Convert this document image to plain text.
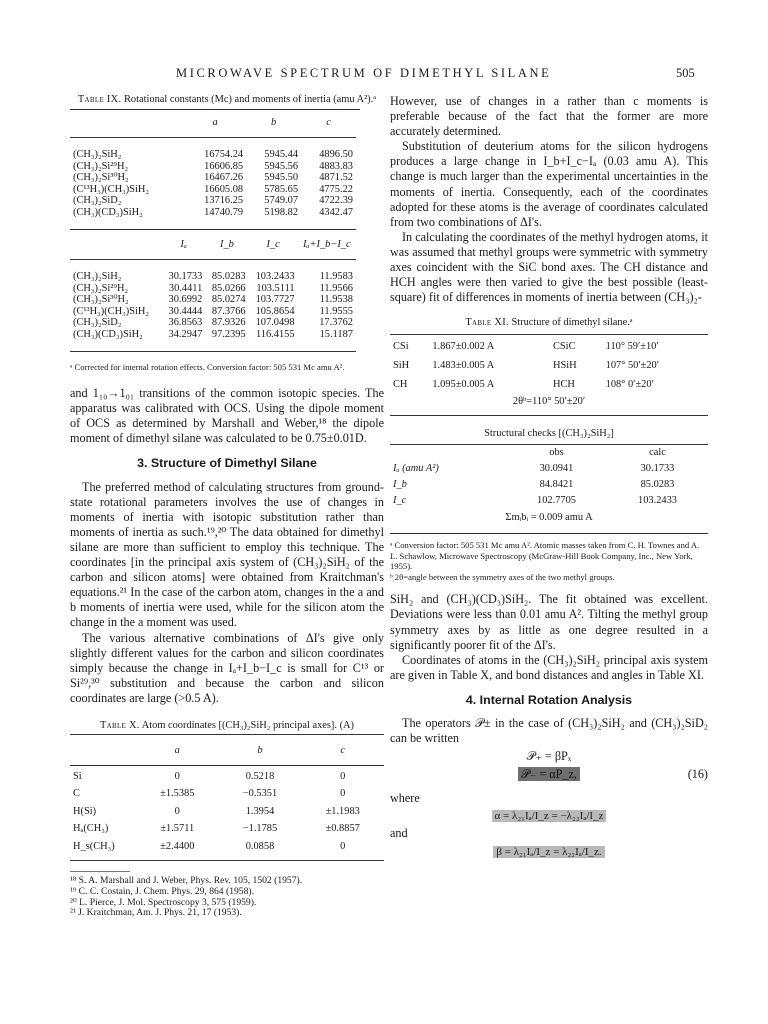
MICROWAVE SPECTRUM OF DIMETHYL SILANE	505
Table IX. Rotational constants (Mc) and moments of inertia (amu A²).ᵃ
	a	b	c

(CH₃)₂SiH₂	16754.24	5945.44	4896.50
(CH₃)₂Si²⁹H₂	16606.85	5945.56	4883.83
(CH₃)₂Si³⁰H₂	16467.26	5945.50	4871.52
(C¹³H₃)(CH₃)SiH₂	16605.08	5785.65	4775.22
(CH₃)₂SiD₂	13716.25	5749.07	4722.39
(CH₃)(CD₃)SiH₂	14740.79	5198.82	4342.47

	Iₐ	I_b	I_c	Iₐ+I_b−I_c

(CH₃)₂SiH₂	30.1733	85.0283	103.2433	11.9583
(CH₃)₂Si²⁹H₂	30.4411	85.0266	103.5111	11.9566
(CH₃)₂Si³⁰H₂	30.6992	85.0274	103.7727	11.9538
(C¹³H₃)(CH₃)SiH₂	30.4444	87.3766	105.8654	11.9555
(CH₃)₂SiD₂	36.8563	87.9326	107.0498	17.3762
(CH₃)(CD₃)SiH₂	34.2947	97.2395	116.4155	15.1187

ᵃ Corrected for internal rotation effects. Conversion factor: 505 531 Mc amu A².

and 1₁₀→1₀₁ transitions of the common isotopic species. The apparatus was calibrated with OCS. Using the dipole moment of OCS as determined by Marshall and Weber,¹⁸ the dipole moment of dimethyl silane was calculated to be 0.75±0.01D.

3. Structure of Dimethyl Silane

The preferred method of calculating structures from ground-state rotational parameters involves the use of changes in moments of inertia with isotopic substitution rather than moments of inertia as such.¹⁹,²⁰ The data obtained for dimethyl silane are more than sufficient to employ this technique. The coordinates [in the principal axis system of (CH₃)₂SiH₂ of the carbon and silicon atoms] were obtained from Kraitchman's equations.²¹ In the case of the carbon atom, changes in the a and b moments of inertia were used, while for the silicon atom the change in the a moment was used.

The various alternative combinations of ΔI's give only slightly different values for the carbon and silicon coordinates simply because the change in Iₐ+I_b−I_c is small for C¹³ or Si²⁹,³⁰ substitution and because the carbon and silicon coordinates are large (>0.5 A).

Table X. Atom coordinates [(CH₃)₂SiH₂ principal axes]. (A)
	a	b	c

Si	0	0.5218	0
C	±1.5385	−0.5351	0
H(Si)	0	1.3954	±1.1983
Hₐ(CH₃)	±1.5711	−1.1785	±0.8857
H_s(CH₃)	±2.4400	0.0858	0

¹⁸ S. A. Marshall and J. Weber, Phys. Rev. 105, 1502 (1957).
¹⁹ C. C. Costain, J. Chem. Phys. 29, 864 (1958).
²⁰ L. Pierce, J. Mol. Spectroscopy 3, 575 (1959).
²¹ J. Kraitchman, Am. J. Phys. 21, 17 (1953).

However, use of changes in a rather than c moments is preferable because of the fact that the former are more accurately determined.

Substitution of deuterium atoms for the silicon hydrogens produces a large change in I_b+I_c−Iₐ (0.03 amu A). This change is much larger than the experimental uncertainties in the moments of inertia. Consequently, each of the coordinates adopted for these atoms is the average of coordinates calculated from two combinations of ΔI's.

In calculating the coordinates of the methyl hydrogen atoms, it was assumed that methyl groups were symmetric with symmetry axes coincident with the SiC bond axes. The CH distance and HCH angles were then varied to give the best possible (least-square) fit of differences in moments of inertia between (CH₃)₂-

Table XI. Structure of dimethyl silane.ᵃ
CSi	1.867±0.002 A	CSiC	110° 59′±10′
SiH	1.483±0.005 A	HSiH	107° 50′±20′
CH	1.095±0.005 A	HCH	108° 0′±20′
2θᵇ=110° 50′±20′			
Structural checks [(CH₃)₂SiH₂]
	obs	calc
Iₐ (amu A²)	30.0941	30.1733
I_b	84.8421	85.0283
I_c	102.7705	103.2433
Σmᵢbᵢ = 0.009 amu A		
ᵃ Conversion factor: 505 531 Mc amu A². Atomic masses taken from C. H. Townes and A. L. Schawlow, Microwave Spectroscopy (McGraw-Hill Book Company, Inc., New York, 1955).
ᵇ 2θ=angle between the symmetry axes of the two methyl groups.

SiH₂ and (CH₃)(CD₃)SiH₂. The fit obtained was excellent. Deviations were less than 0.01 amu A². Tilting the methyl group symmetry axes by as little as one degree resulted in a significantly poorer fit of the ΔI's.

Coordinates of atoms in the (CH₃)₂SiH₂ principal axis system are given in Table X, and bond distances and angles in Table XI.

4. Internal Rotation Analysis

The operators 𝒫± in the case of (CH₃)₂SiH₂ and (CH₃)₂SiD₂ can be written

𝒫₊ = βPₓ
𝒫₋ = αP_z,	(16)
where
α = λ₂₁Iₐ/I_z = −λ₂₂Iₐ/I_z
and
β = λ₂₁Iₐ/I_z = λ₂₂Iₐ/I_z.
